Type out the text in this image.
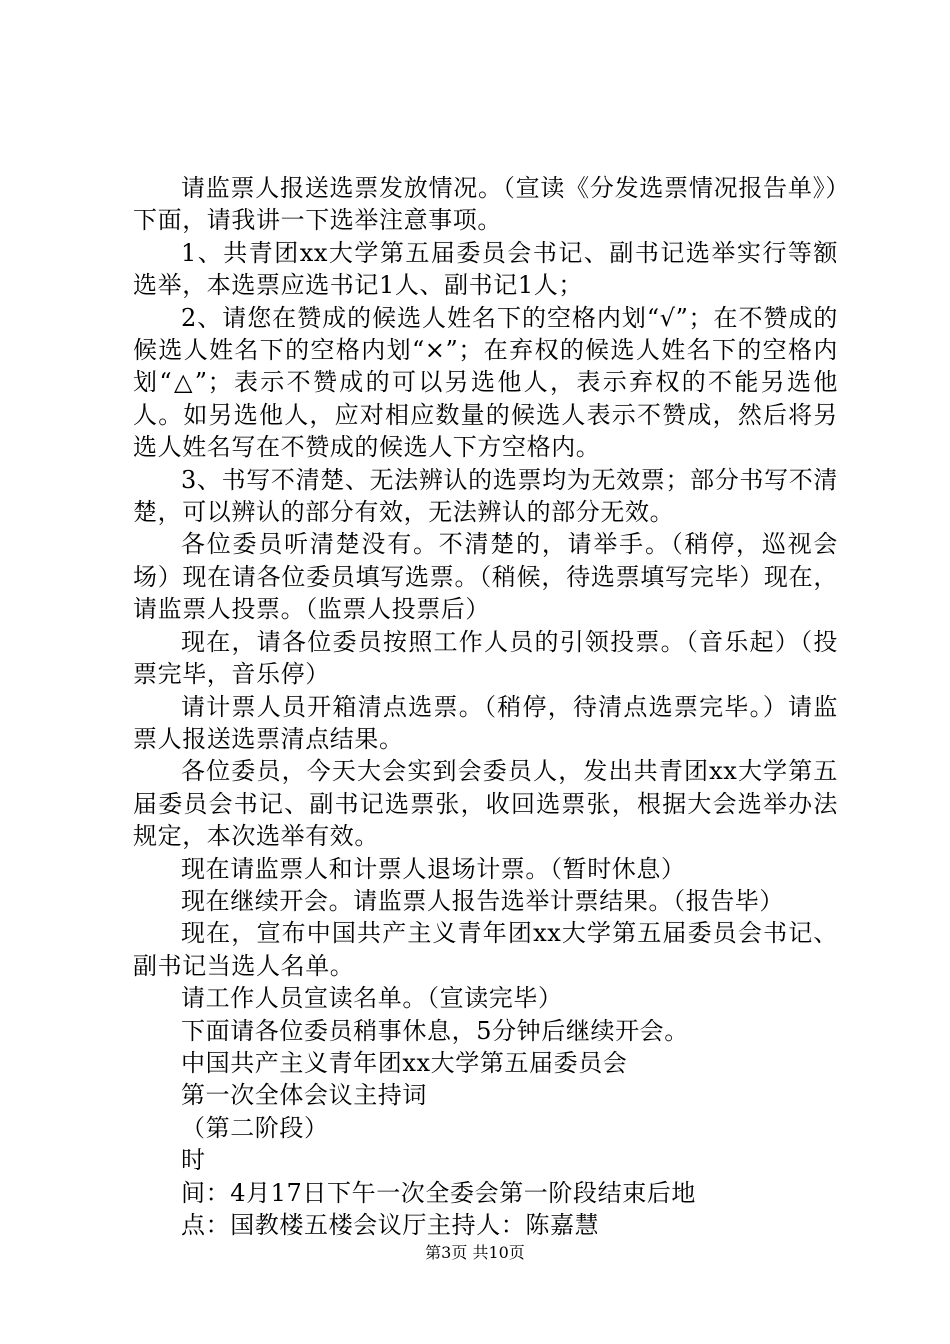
请监票人报送选票发放情况。（宣读《分发选票情况报告单》）下面，请我讲一下选举注意事项。

1、共青团xx大学第五届委员会书记、副书记选举实行等额选举，本选票应选书记1人、副书记1人；

2、请您在赞成的候选人姓名下的空格内划“√”；在不赞成的候选人姓名下的空格内划“×”；在弃权的候选人姓名下的空格内划“△”；表示不赞成的可以另选他人，表示弃权的不能另选他人。如另选他人，应对相应数量的候选人表示不赞成，然后将另选人姓名写在不赞成的候选人下方空格内。

3、书写不清楚、无法辨认的选票均为无效票；部分书写不清楚，可以辨认的部分有效，无法辨认的部分无效。

各位委员听清楚没有。不清楚的，请举手。（稍停，巡视会场）现在请各位委员填写选票。（稍候，待选票填写完毕）现在，请监票人投票。（监票人投票后）

现在，请各位委员按照工作人员的引领投票。（音乐起）（投票完毕，音乐停）

请计票人员开箱清点选票。（稍停，待清点选票完毕。）请监票人报送选票清点结果。

各位委员，今天大会实到会委员人，发出共青团xx大学第五届委员会书记、副书记选票张，收回选票张，根据大会选举办法规定，本次选举有效。

现在请监票人和计票人退场计票。（暂时休息）

现在继续开会。请监票人报告选举计票结果。（报告毕）

现在，宣布中国共产主义青年团xx大学第五届委员会书记、副书记当选人名单。

请工作人员宣读名单。（宣读完毕）

下面请各位委员稍事休息，5分钟后继续开会。

中国共产主义青年团xx大学第五届委员会

第一次全体会议主持词

（第二阶段）

时

间：4月17日下午一次全委会第一阶段结束后地

点：国教楼五楼会议厅主持人：陈嘉慧

第3页 共10页
